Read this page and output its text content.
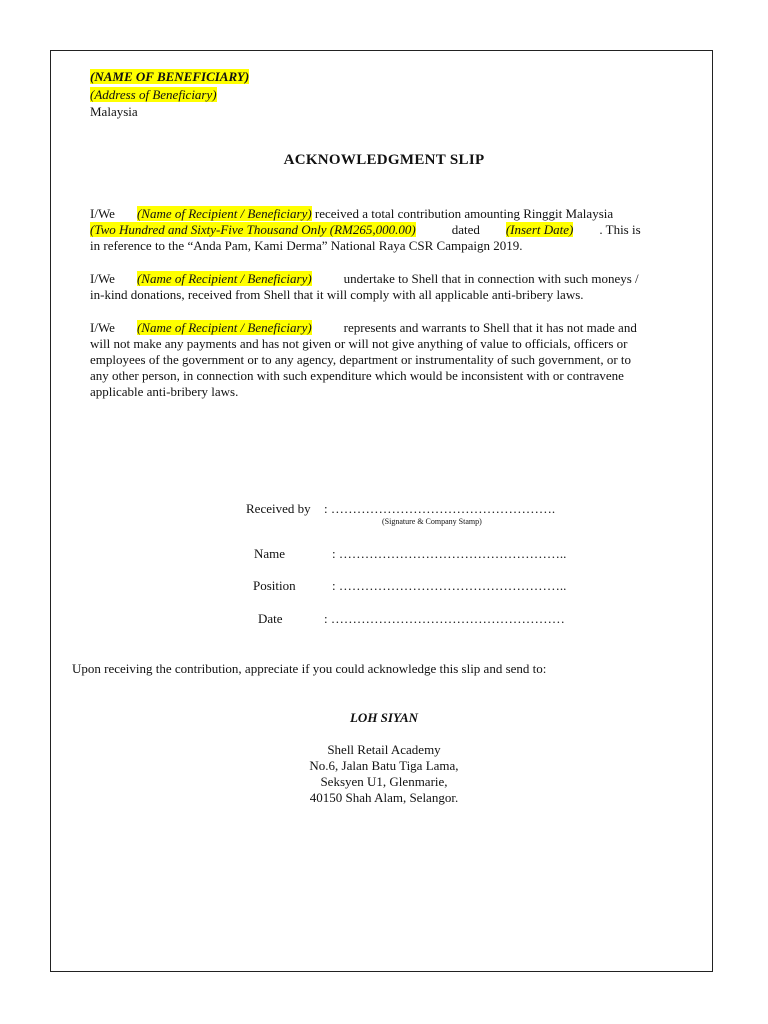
(NAME OF BENEFICIARY)
(Address of Beneficiary)
Malaysia
ACKNOWLEDGMENT SLIP
I/We (Name of Recipient / Beneficiary) received a total contribution amounting Ringgit Malaysia
(Two Hundred and Sixty-Five Thousand Only (RM265,000.00)	dated (Insert Date) . This is
in reference to the “Anda Pam, Kami Derma” National Raya CSR Campaign 2019.
I/We (Name of Recipient / Beneficiary) undertake to Shell that in connection with such moneys /
in-kind donations, received from Shell that it will comply with all applicable anti-bribery laws.
I/We (Name of Recipient / Beneficiary) represents and warrants to Shell that it has not made and
will not make any payments and has not given or will not give anything of value to officials, officers or
employees of the government or to any agency, department or instrumentality of such government, or to
any other person, in connection with such expenditure which would be inconsistent with or contravene
applicable anti-bribery laws.
Received by : …………………………………………….
(Signature & Company Stamp)
Name	: ……………………………………………..
Position	: ……………………………………………..
Date	: ………………………………………………
Upon receiving the contribution, appreciate if you could acknowledge this slip and send to:
LOH SIYAN
Shell Retail Academy
No.6, Jalan Batu Tiga Lama,
Seksyen U1, Glenmarie,
40150 Shah Alam, Selangor.
